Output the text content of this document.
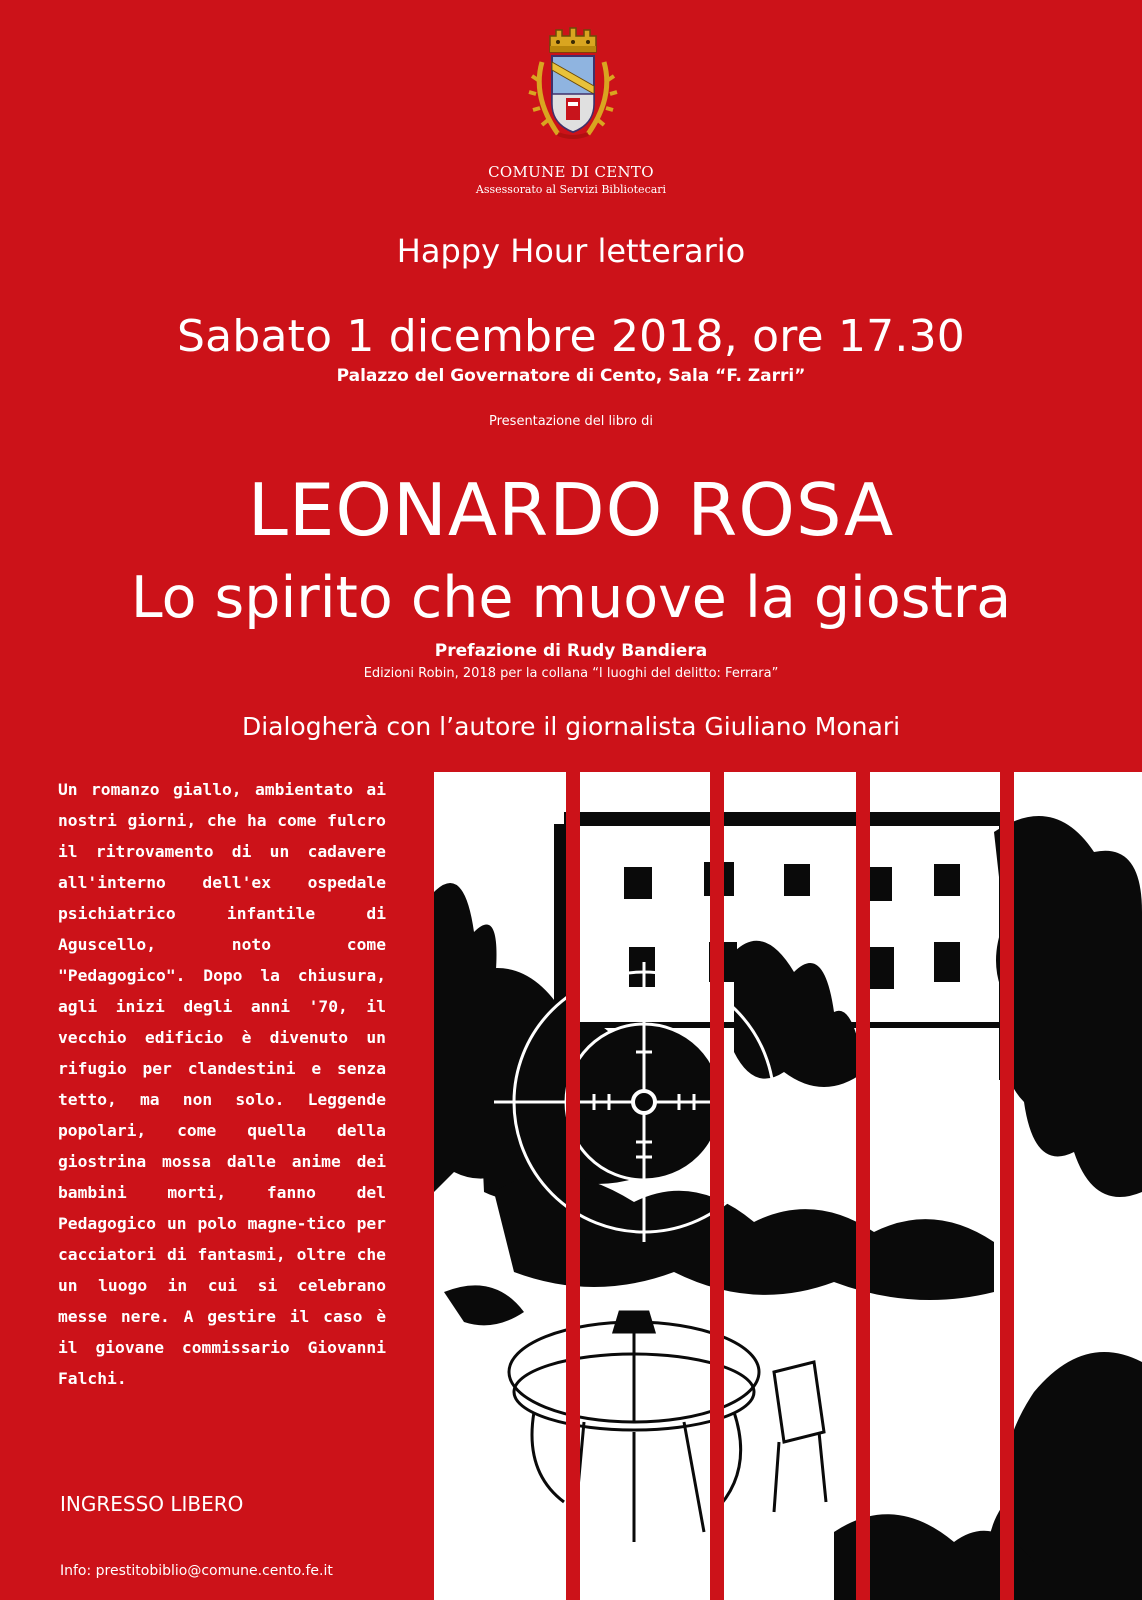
COMUNE DI CENTO
Assessorato al Servizi Bibliotecari
Happy Hour letterario
Sabato 1 dicembre 2018, ore 17.30
Palazzo del Governatore di Cento, Sala “F. Zarri”
Presentazione del libro di
LEONARDO ROSA
Lo spirito che muove la giostra
Prefazione di Rudy Bandiera
Edizioni Robin, 2018 per la collana “I luoghi del delitto: Ferrara”
Dialogherà con l’autore il giornalista Giuliano Monari
Un romanzo giallo, ambientato ai nostri giorni, che ha come fulcro il ritrovamento di un cadavere all'interno dell'ex ospedale psichiatrico infantile di Aguscello, noto come "Pedagogico". Dopo la chiusura, agli inizi degli anni '70, il vecchio edificio è divenuto un rifugio per clandestini e senza tetto, ma non solo. Leggende popolari, come quella della giostrina mossa dalle anime dei bambini morti, fanno del Pedagogico un polo magne-tico per cacciatori di fantasmi, oltre che un luogo in cui si celebrano messe nere. A gestire il caso è il giovane commissario Giovanni Falchi.
INGRESSO LIBERO
Info: prestitobiblio@comune.cento.fe.it
